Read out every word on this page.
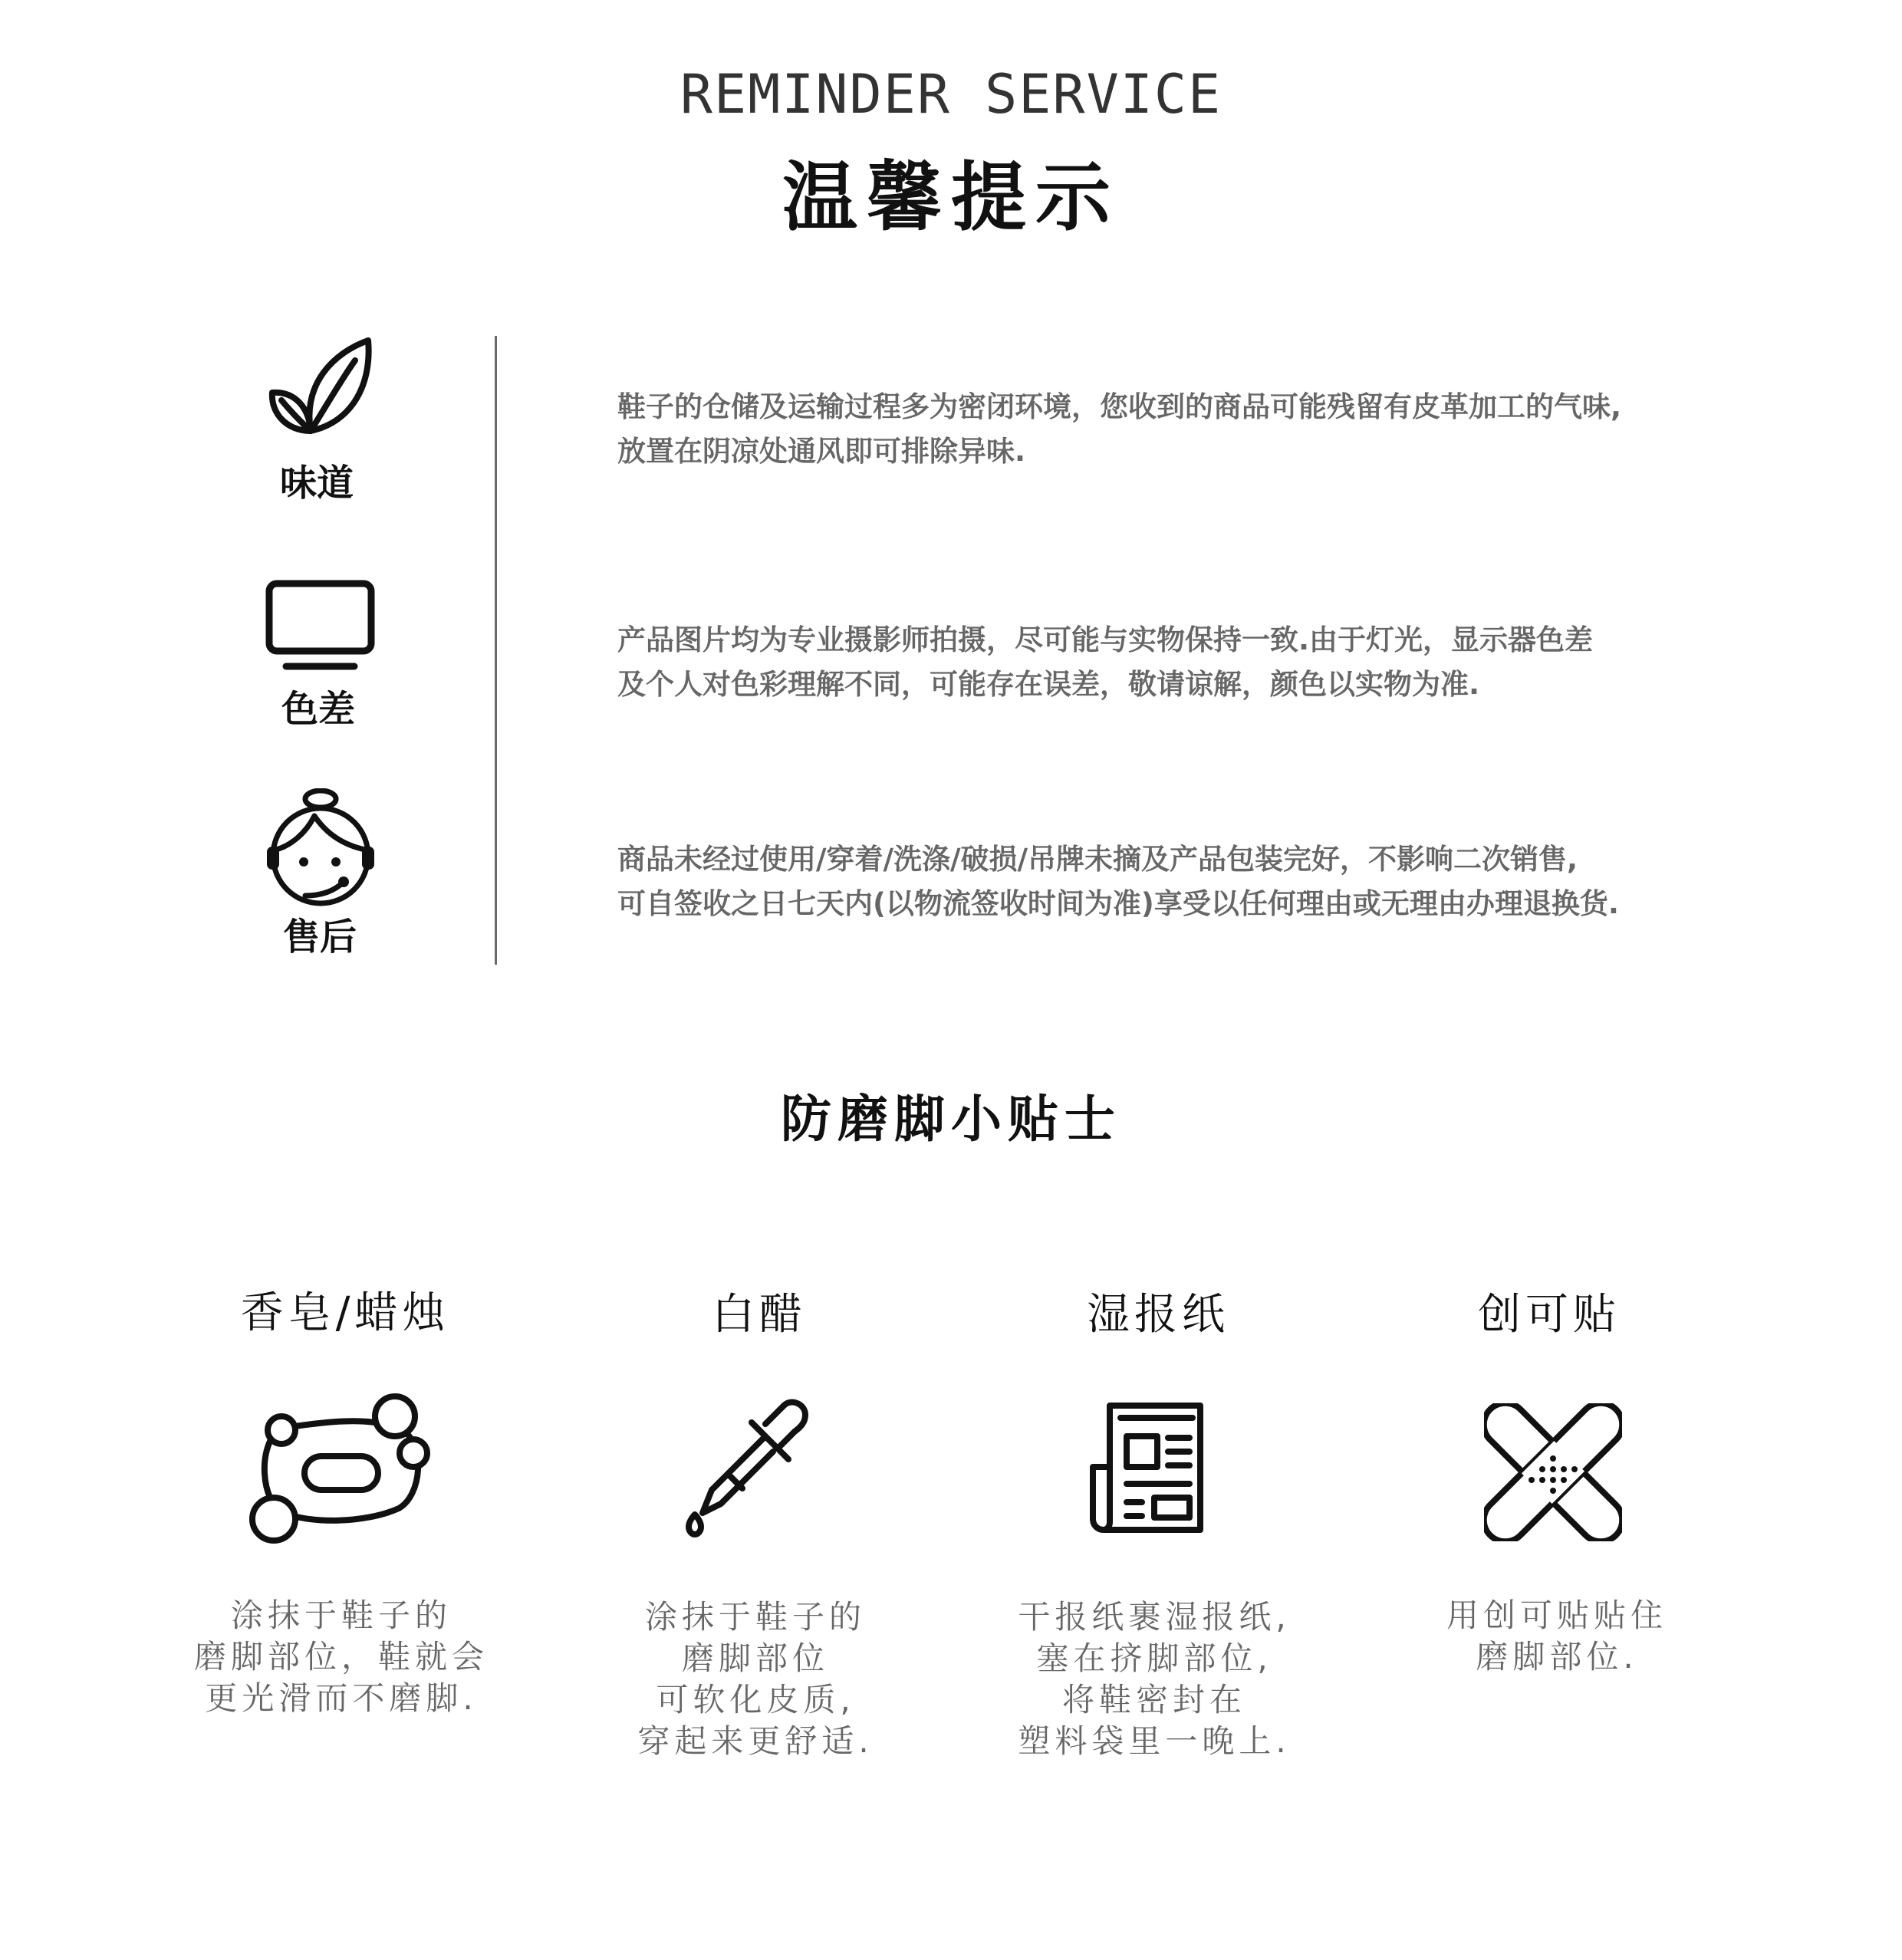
REMINDER SERVICE
温馨提示
味道
鞋子的仓储及运输过程多为密闭环境，您收到的商品可能残留有皮革加工的气味,
放置在阴凉处通风即可排除异味.
色差
产品图片均为专业摄影师拍摄，尽可能与实物保持一致.由于灯光，显示器色差
及个人对色彩理解不同，可能存在误差，敬请谅解，颜色以实物为准.
售后
商品未经过使用/穿着/洗涤/破损/吊牌未摘及产品包装完好，不影响二次销售,
可自签收之日七天内(以物流签收时间为准)享受以任何理由或无理由办理退换货.
防磨脚小贴士
香皂/蜡烛
涂抹于鞋子的
磨脚部位，鞋就会
更光滑而不磨脚.
白醋
涂抹于鞋子的
磨脚部位
可软化皮质,
穿起来更舒适.
湿报纸
干报纸裹湿报纸,
塞在挤脚部位,
将鞋密封在
塑料袋里一晚上.
创可贴
用创可贴贴住
磨脚部位.
